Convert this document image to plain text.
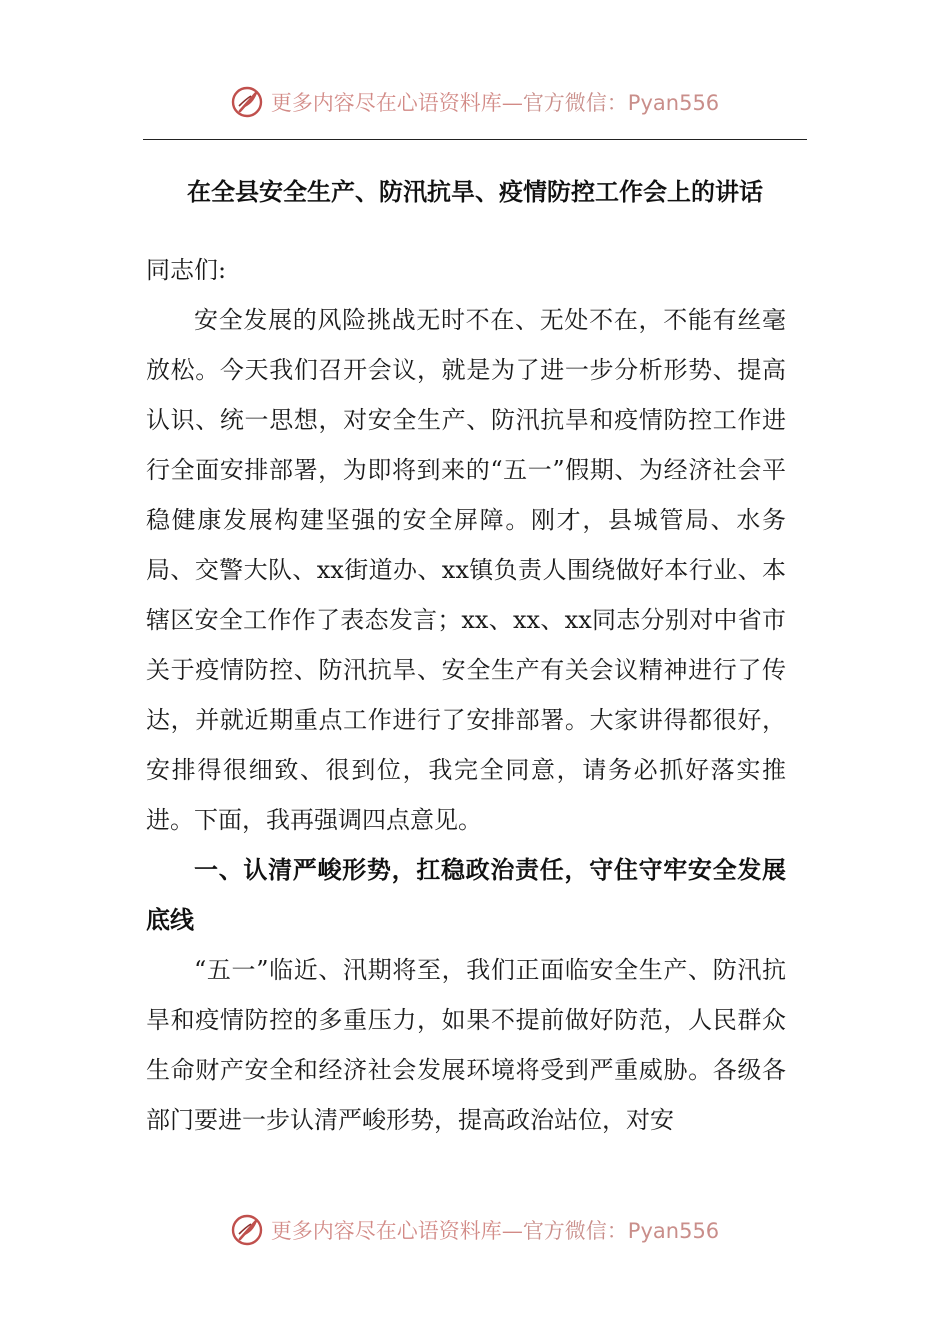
更多内容尽在心语资料库—官方微信：Pyan556
在全县安全生产、防汛抗旱、疫情防控工作会上的讲话

同志们:

安全发展的风险挑战无时不在、无处不在，不能有丝毫放松。今天我们召开会议，就是为了进一步分析形势、提高认识、统一思想，对安全生产、防汛抗旱和疫情防控工作进行全面安排部署，为即将到来的“五一”假期、为经济社会平稳健康发展构建坚强的安全屏障。刚才，县城管局、水务局、交警大队、xx街道办、xx镇负责人围绕做好本行业、本辖区安全工作作了表态发言；xx、xx、xx同志分别对中省市关于疫情防控、防汛抗旱、安全生产有关会议精神进行了传达，并就近期重点工作进行了安排部署。大家讲得都很好，安排得很细致、很到位，我完全同意，请务必抓好落实推进。下面，我再强调四点意见。

一、认清严峻形势，扛稳政治责任，守住守牢安全发展底线

“五一”临近、汛期将至，我们正面临安全生产、防汛抗旱和疫情防控的多重压力，如果不提前做好防范，人民群众生命财产安全和经济社会发展环境将受到严重威胁。各级各部门要进一步认清严峻形势，提高政治站位，对安

更多内容尽在心语资料库—官方微信：Pyan556
